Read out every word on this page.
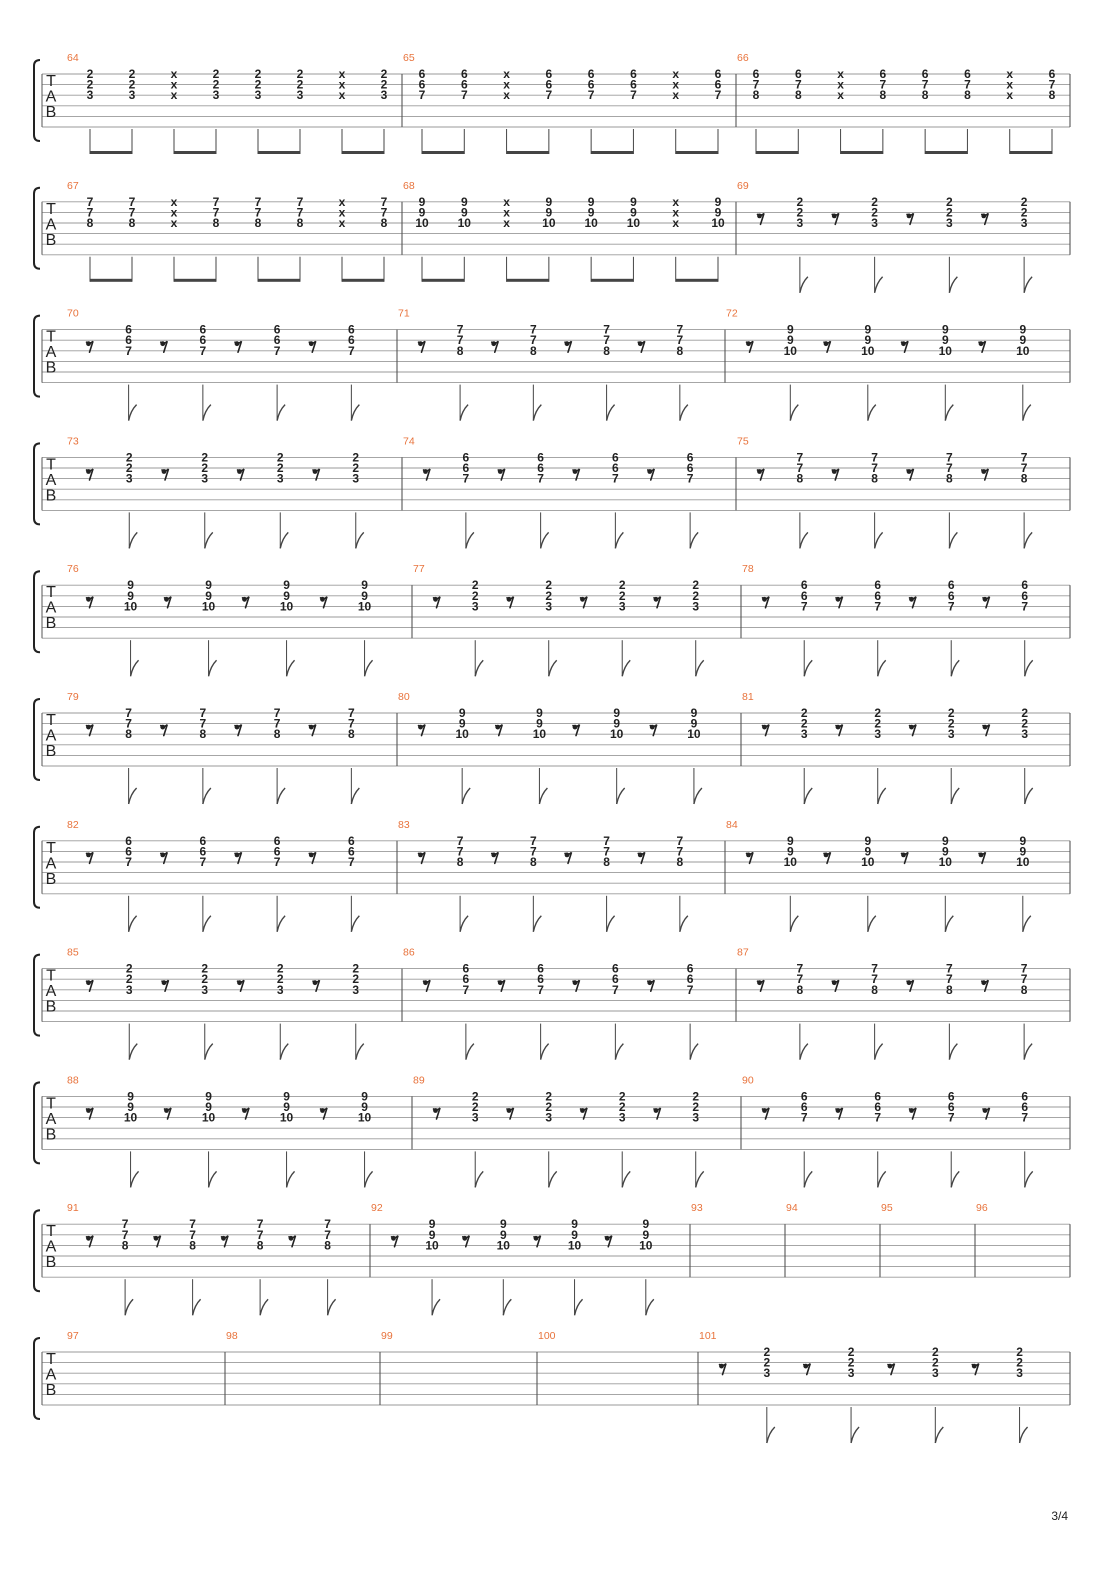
T
A
B
64
2
2
3
2
2
3
x
x
x
2
2
3
2
2
3
2
2
3
x
x
x
2
2
3
65
6
6
7
6
6
7
x
x
x
6
6
7
6
6
7
6
6
7
x
x
x
6
6
7
66
6
7
8
6
7
8
x
x
x
6
7
8
6
7
8
6
7
8
x
x
x
6
7
8
T
A
B
67
7
7
8
7
7
8
x
x
x
7
7
8
7
7
8
7
7
8
x
x
x
7
7
8
68
9
9
10
9
9
10
x
x
x
9
9
10
9
9
10
9
9
10
x
x
x
9
9
10
69
2
2
3
2
2
3
2
2
3
2
2
3
T
A
B
70
6
6
7
6
6
7
6
6
7
6
6
7
71
7
7
8
7
7
8
7
7
8
7
7
8
72
9
9
10
9
9
10
9
9
10
9
9
10
T
A
B
73
2
2
3
2
2
3
2
2
3
2
2
3
74
6
6
7
6
6
7
6
6
7
6
6
7
75
7
7
8
7
7
8
7
7
8
7
7
8
T
A
B
76
9
9
10
9
9
10
9
9
10
9
9
10
77
2
2
3
2
2
3
2
2
3
2
2
3
78
6
6
7
6
6
7
6
6
7
6
6
7
T
A
B
79
7
7
8
7
7
8
7
7
8
7
7
8
80
9
9
10
9
9
10
9
9
10
9
9
10
81
2
2
3
2
2
3
2
2
3
2
2
3
T
A
B
82
6
6
7
6
6
7
6
6
7
6
6
7
83
7
7
8
7
7
8
7
7
8
7
7
8
84
9
9
10
9
9
10
9
9
10
9
9
10
T
A
B
85
2
2
3
2
2
3
2
2
3
2
2
3
86
6
6
7
6
6
7
6
6
7
6
6
7
87
7
7
8
7
7
8
7
7
8
7
7
8
T
A
B
88
9
9
10
9
9
10
9
9
10
9
9
10
89
2
2
3
2
2
3
2
2
3
2
2
3
90
6
6
7
6
6
7
6
6
7
6
6
7
T
A
B
91
7
7
8
7
7
8
7
7
8
7
7
8
92
9
9
10
9
9
10
9
9
10
9
9
10
93	94	95	96
T
A
B
97	98	99	100	101
2
2
3
2
2
3
2
2
3
2
2
3
3/4
